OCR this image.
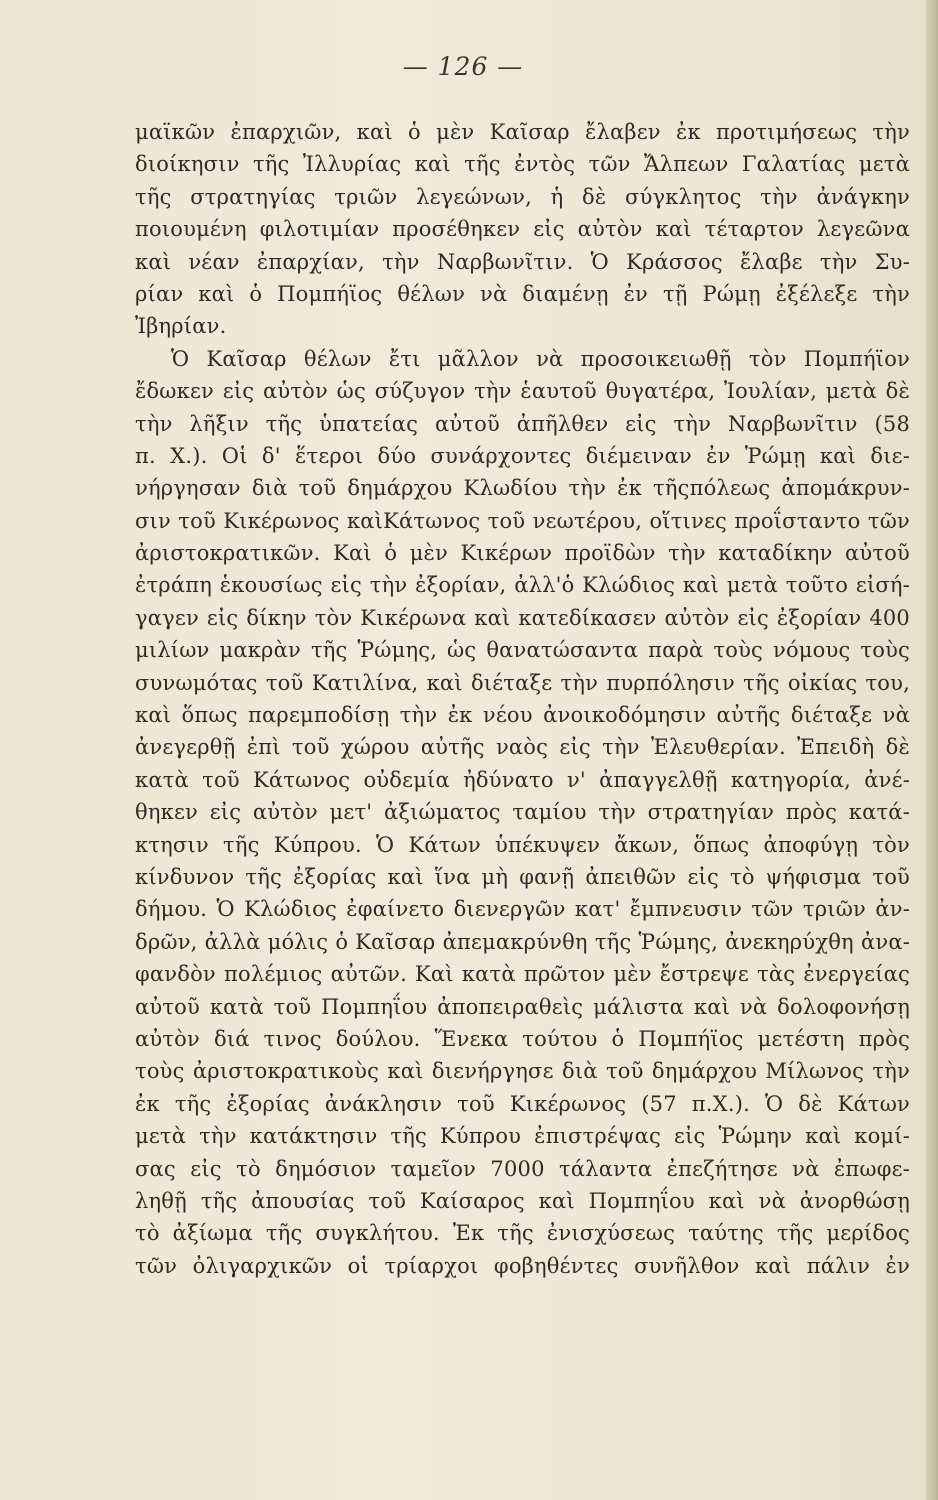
— 126 —
μαϊκῶν ἐπαρχιῶν, καὶ ὁ μὲν Καῖσαρ ἔλαβεν ἐκ προτιμήσεως τὴν
διοίκησιν τῆς Ἰλλυρίας καὶ τῆς ἐντὸς τῶν Ἄλπεων Γαλατίας μετὰ
τῆς στρατηγίας τριῶν λεγεώνων, ἡ δὲ σύγκλητος τὴν ἀνάγκην
ποιουμένη φιλοτιμίαν προσέθηκεν εἰς αὐτὸν καὶ τέταρτον λεγεῶνα
καὶ νέαν ἐπαρχίαν, τὴν Ναρβωνῖτιν. Ὁ Κράσσος ἔλαβε τὴν Συ-
ρίαν καὶ ὁ Πομπήϊος θέλων νὰ διαμένῃ ἐν τῇ Ρώμῃ ἐξέλεξε τὴν
Ἰβηρίαν.
Ὁ Καῖσαρ θέλων ἔτι μᾶλλον νὰ προσοικειωθῇ τὸν Πομπήϊον
ἔδωκεν εἰς αὐτὸν ὡς σύζυγον τὴν ἑαυτοῦ θυγατέρα, Ἰουλίαν, μετὰ δὲ
τὴν λῆξιν τῆς ὑπατείας αὐτοῦ ἀπῆλθεν εἰς τὴν Ναρβωνῖτιν (58
π. Χ.). Οἱ δ' ἕτεροι δύο συνάρχοντες διέμειναν ἐν Ῥώμῃ καὶ διε-
νήργησαν διὰ τοῦ δημάρχου Κλωδίου τὴν ἐκ τῆςπόλεως ἀπομάκρυν-
σιν τοῦ Κικέρωνος καὶΚάτωνος τοῦ νεωτέρου, οἵτινες προΐσταντο τῶν
ἀριστοκρατικῶν. Καὶ ὁ μὲν Κικέρων προϊδὼν τὴν καταδίκην αὐτοῦ
ἐτράπη ἑκουσίως εἰς τὴν ἐξορίαν, ἀλλ'ὁ Κλώδιος καὶ μετὰ τοῦτο εἰσή-
γαγεν εἰς δίκην τὸν Κικέρωνα καὶ κατεδίκασεν αὐτὸν εἰς ἐξορίαν 400
μιλίων μακρὰν τῆς Ῥώμης, ὡς θανατώσαντα παρὰ τοὺς νόμους τοὺς
συνωμότας τοῦ Κατιλίνα, καὶ διέταξε τὴν πυρπόλησιν τῆς οἰκίας του,
καὶ ὅπως παρεμποδίσῃ τὴν ἐκ νέου ἀνοικοδόμησιν αὐτῆς διέταξε νὰ
ἀνεγερθῇ ἐπὶ τοῦ χώρου αὐτῆς ναὸς εἰς τὴν Ἐλευθερίαν. Ἐπειδὴ δὲ
κατὰ τοῦ Κάτωνος οὐδεμία ἠδύνατο ν' ἀπαγγελθῇ κατηγορία, ἀνέ-
θηκεν εἰς αὐτὸν μετ' ἀξιώματος ταμίου τὴν στρατηγίαν πρὸς κατά-
κτησιν τῆς Κύπρου. Ὁ Κάτων ὑπέκυψεν ἄκων, ὅπως ἀποφύγῃ τὸν
κίνδυνον τῆς ἐξορίας καὶ ἵνα μὴ φανῇ ἀπειθῶν εἰς τὸ ψήφισμα τοῦ
δήμου. Ὁ Κλώδιος ἐφαίνετο διενεργῶν κατ' ἔμπνευσιν τῶν τριῶν ἀν-
δρῶν, ἀλλὰ μόλις ὁ Καῖσαρ ἀπεμακρύνθη τῆς Ῥώμης, ἀνεκηρύχθη ἀνα-
φανδὸν πολέμιος αὐτῶν. Καὶ κατὰ πρῶτον μὲν ἔστρεψε τὰς ἐνεργείας
αὐτοῦ κατὰ τοῦ Πομπηΐου ἀποπειραθεὶς μάλιστα καὶ νὰ δολοφονήσῃ
αὐτὸν διά τινος δούλου. Ἕνεκα τούτου ὁ Πομπήϊος μετέστη πρὸς
τοὺς ἀριστοκρατικοὺς καὶ διενήργησε διὰ τοῦ δημάρχου Μίλωνος τὴν
ἐκ τῆς ἐξορίας ἀνάκλησιν τοῦ Κικέρωνος (57 π.Χ.). Ὁ δὲ Κάτων
μετὰ τὴν κατάκτησιν τῆς Κύπρου ἐπιστρέψας εἰς Ῥώμην καὶ κομί-
σας εἰς τὸ δημόσιον ταμεῖον 7000 τάλαντα ἐπεζήτησε νὰ ἐπωφε-
ληθῇ τῆς ἀπουσίας τοῦ Καίσαρος καὶ Πομπηΐου καὶ νὰ ἀνορθώσῃ
τὸ ἀξίωμα τῆς συγκλήτου. Ἐκ τῆς ἐνισχύσεως ταύτης τῆς μερίδος
τῶν ὀλιγαρχικῶν οἱ τρίαρχοι φοβηθέντες συνῆλθον καὶ πάλιν ἐν
